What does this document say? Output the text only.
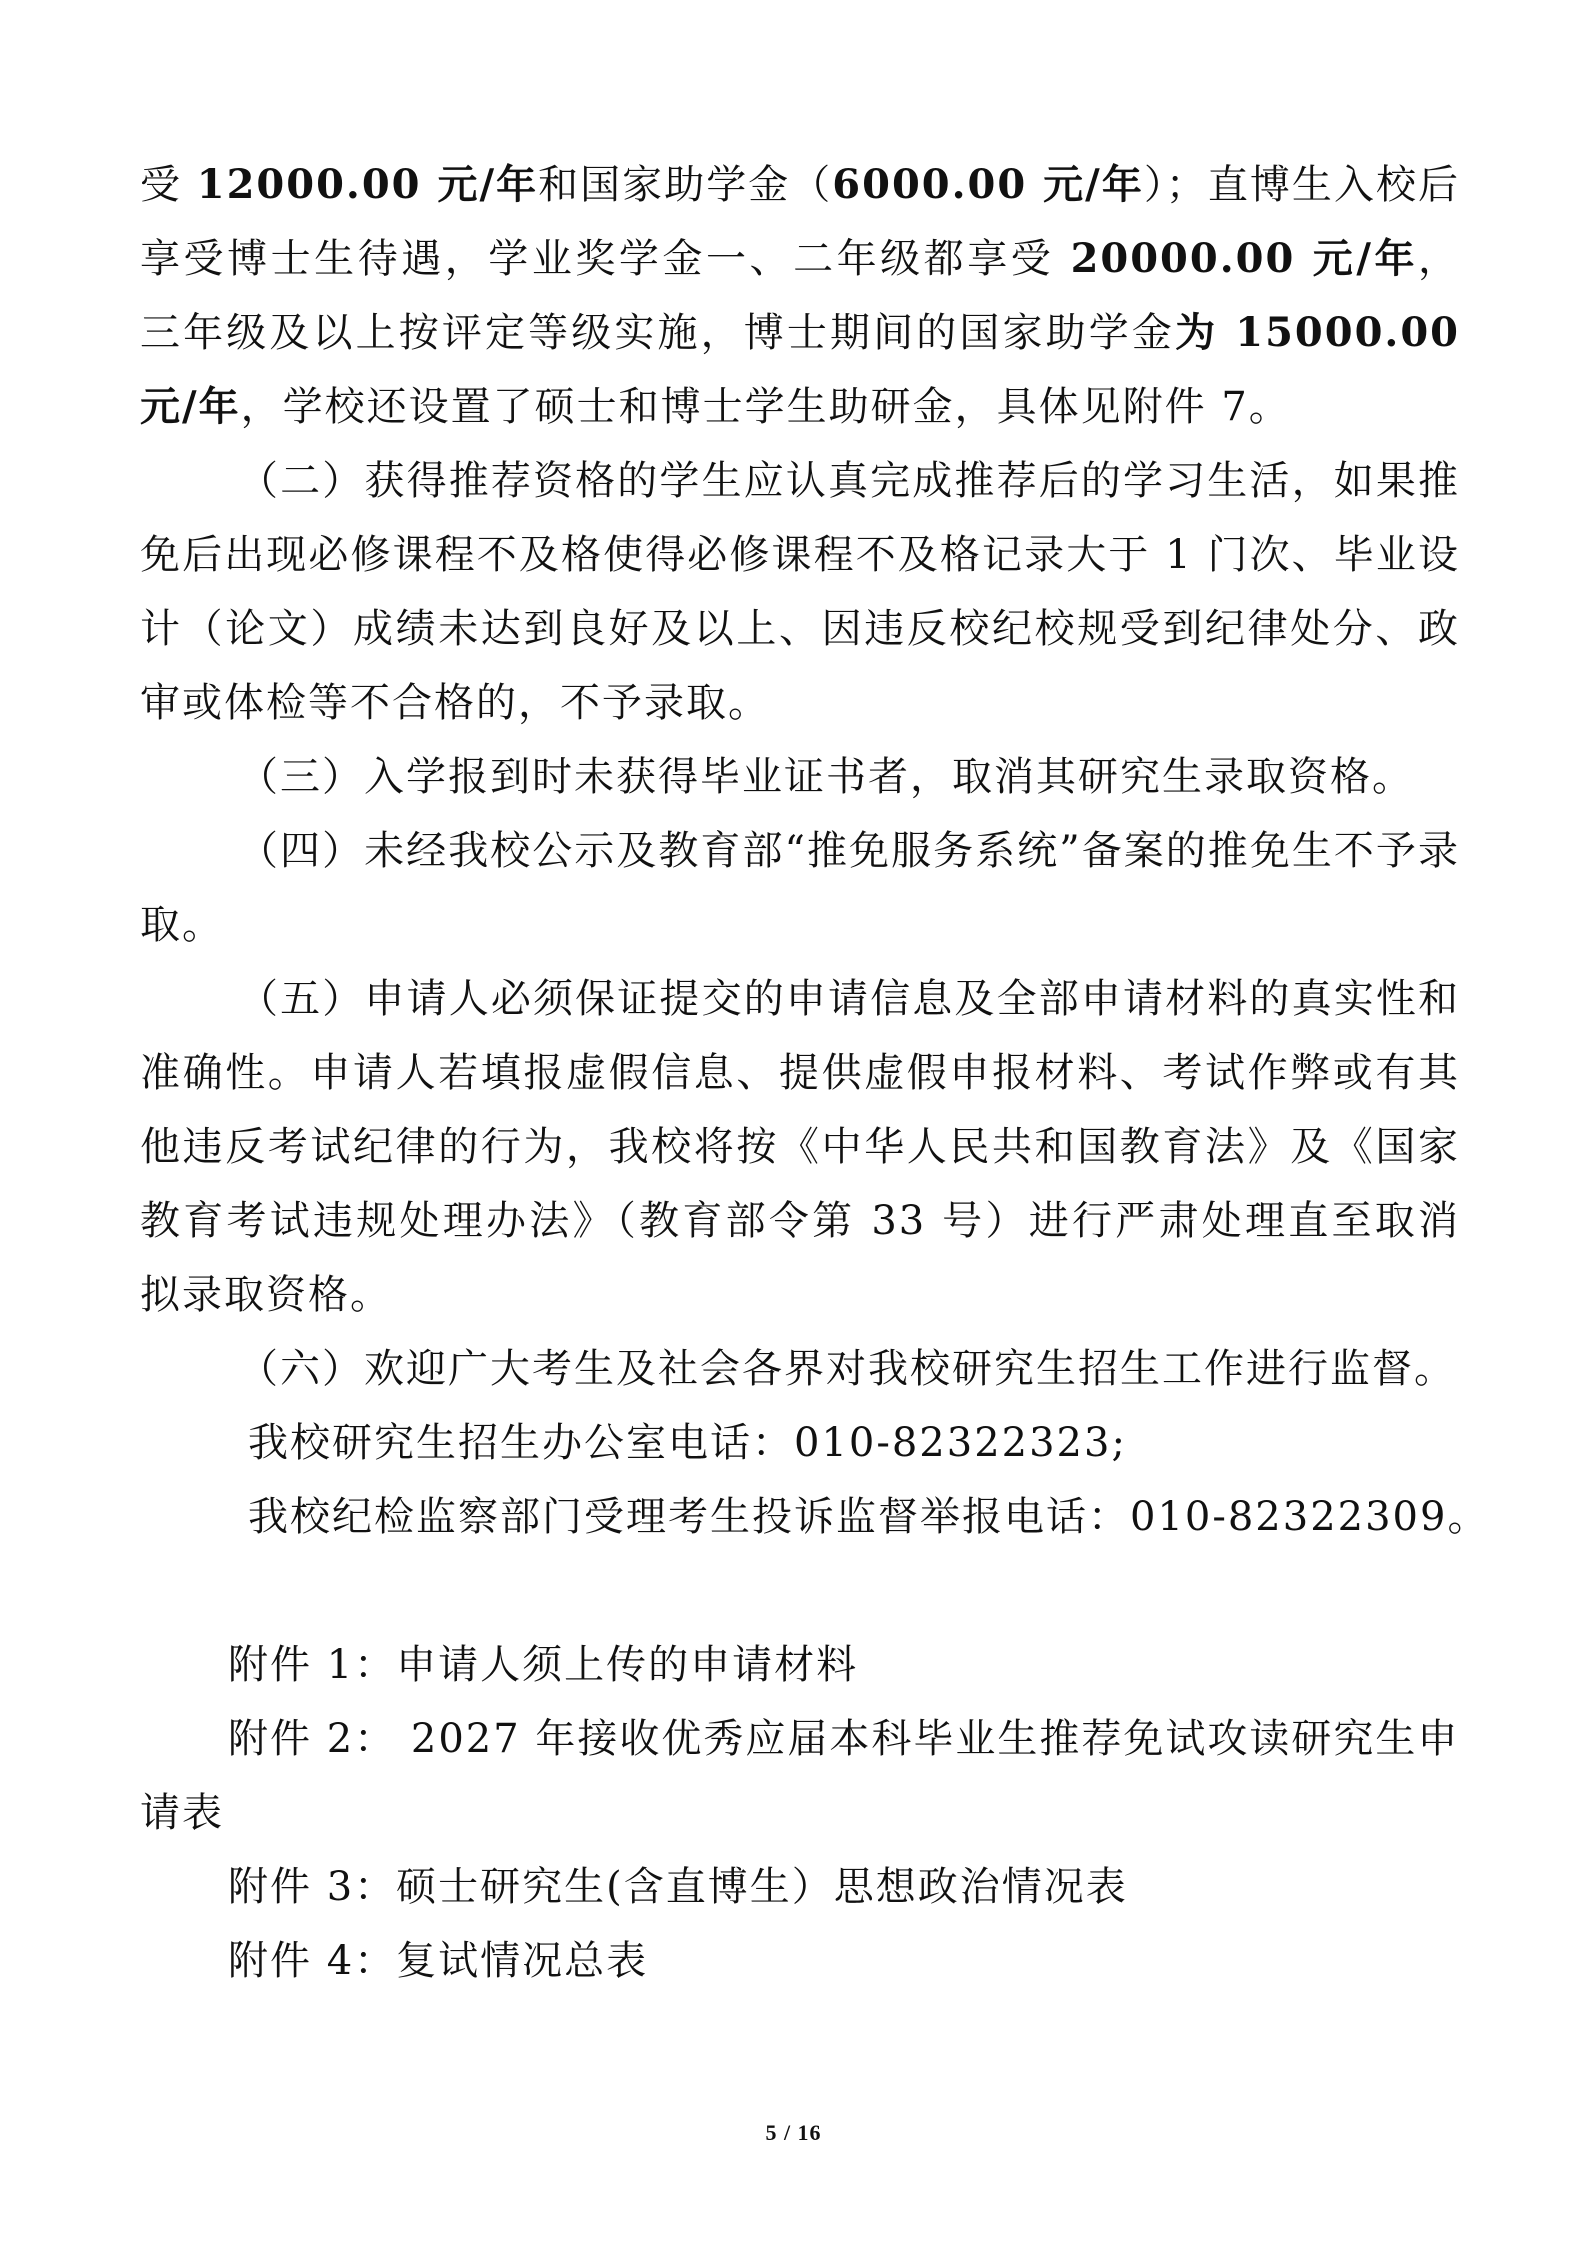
受 12000.00 元/年和国家助学金（6000.00 元/年）；直博生入校后享受博士生待遇，学业奖学金一、二年级都享受 20000.00 元/年，三年级及以上按评定等级实施，博士期间的国家助学金为 15000.00 元/年，学校还设置了硕士和博士学生助研金，具体见附件 7。

（二）获得推荐资格的学生应认真完成推荐后的学习生活，如果推免后出现必修课程不及格使得必修课程不及格记录大于 1 门次、毕业设计（论文）成绩未达到良好及以上、因违反校纪校规受到纪律处分、政审或体检等不合格的，不予录取。

（三）入学报到时未获得毕业证书者，取消其研究生录取资格。

（四）未经我校公示及教育部“推免服务系统”备案的推免生不予录取。

（五）申请人必须保证提交的申请信息及全部申请材料的真实性和准确性。申请人若填报虚假信息、提供虚假申报材料、考试作弊或有其他违反考试纪律的行为，我校将按《中华人民共和国教育法》及《国家教育考试违规处理办法》（教育部令第 33 号）进行严肃处理直至取消拟录取资格。

（六）欢迎广大考生及社会各界对我校研究生招生工作进行监督。

我校研究生招生办公室电话：010-82322323;

我校纪检监察部门受理考生投诉监督举报电话：010-82322309。

附件 1：申请人须上传的申请材料

附件 2： 2027 年接收优秀应届本科毕业生推荐免试攻读研究生申请表

附件 3：硕士研究生(含直博生）思想政治情况表

附件 4：复试情况总表

5 / 16
